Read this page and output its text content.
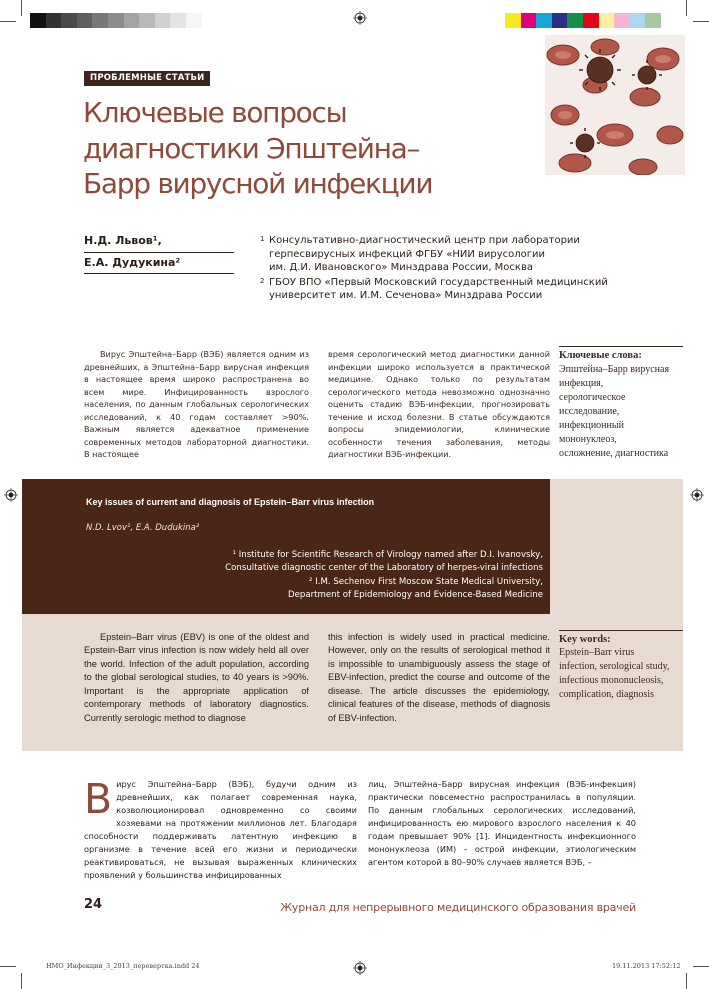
ПРОБЛЕМНЫЕ СТАТЬИ
Ключевые вопросы
диагностики Эпштейна–
Барр вирусной инфекции
Н.Д. Львов¹,
Е.А. Дудукина²
1 Консультативно-диагностический центр при лаборатории
герпесвирусных инфекций ФГБУ «НИИ вирусологии
им. Д.И. Ивановского» Минздрава России, Москва
2 ГБОУ ВПО «Первый Московский государственный медицинский
университет им. И.М. Сеченова» Минздрава России
Вирус Эпштейна–Барр (ВЭБ) является одним из древнейших, а Эпштейна–Барр вирусная инфекция в настоящее время широко распространена во всем мире. Инфицированность взрослого населения, по данным глобальных серологических исследований, к 40 годам составляет >90%. Важным является адекватное применение современных методов лабораторной диагностики. В настоящее
время серологический метод диагностики данной инфекции широко используется в практической медицине. Однако только по результатам серологического метода невозможно однозначно оценить стадию ВЭБ-инфекции, прогнозировать течение и исход болезни. В статье обсуждаются вопросы эпидемиологии, клинические особенности течения заболевания, методы диагностики ВЭБ-инфекции.
Ключевые слова:
Эпштейна–Барр вирусная инфекция, серологическое исследование, инфекционный мононуклеоз, осложнение, диагностика
Key issues of current and diagnosis of Epstein–Barr virus infection
N.D. Lvov¹, E.A. Dudukina²
¹ Institute for Scientific Research of Virology named after D.I. Ivanovsky,
Consultative diagnostic center of the Laboratory of herpes-viral infections
² I.M. Sechenov First Moscow State Medical University,
Department of Epidemiology and Evidence-Based Medicine
Epstein–Barr virus (EBV) is one of the oldest and Epstein-Barr virus infection is now widely held all over the world. Infection of the adult population, according to the global serological studies, to 40 years is >90%. Important is the appropriate application of contemporary methods of laboratory diagnostics. Currently serologic method to diagnose
this infection is widely used in practical medicine. However, only on the results of serological method it is impossible to unambiguously assess the stage of EBV-infection, predict the course and outcome of the disease. The article discusses the epidemiology, clinical features of the disease, methods of diagnosis of EBV-infection.
Key words:
Epstein–Barr virus infection, serological study, infectious mononucleosis, complication, diagnosis
В ирус Эпштейна–Барр (ВЭБ), будучи одним из древнейших, как полагает современная наука, козволюционировал одновременно со своими хозяевами на протяжении миллионов лет. Благодаря способности поддерживать латентную инфекцию в организме в течение всей его жизни и периодически реактивироваться, не вызывая выраженных клинических проявлений у большинства инфицированных
лиц, Эпштейна–Барр вирусная инфекция (ВЭБ-инфекция) практически повсеместно распространилась в популяции. По данным глобальных серологических исследований, инфицированность ею мирового взрослого населения к 40 годам превышает 90% [1]. Инцидентность инфекционного мононуклеоза (ИМ) – острой инфекции, этиологическим агентом которой в 80–90% случаев является ВЭБ, –
24	Журнал для непрерывного медицинского образования врачей
НМО_Инфекции_3_2013_перевертка.indd 24	19.11.2013 17:52:12
